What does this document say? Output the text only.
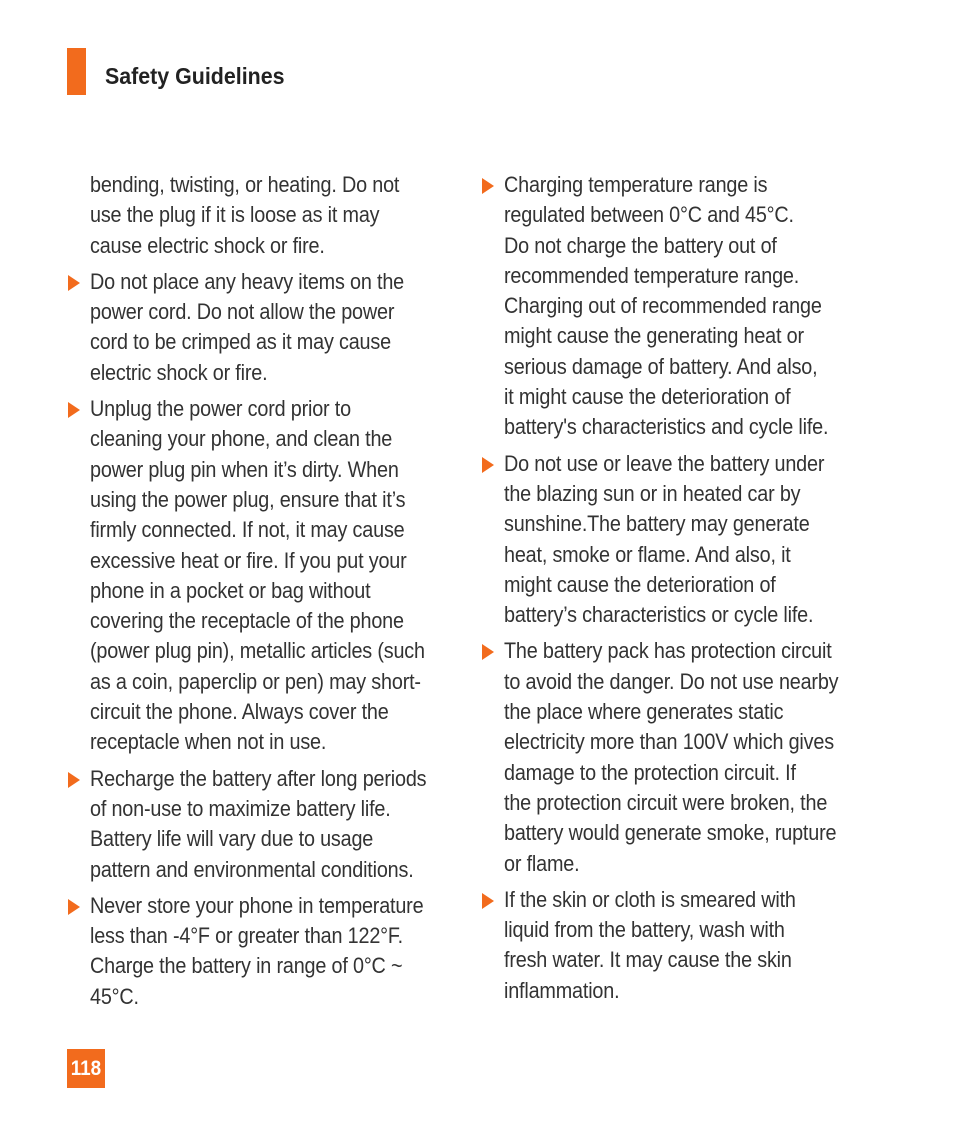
Safety Guidelines
bending, twisting, or heating. Do not
use the plug if it is loose as it may
cause electric shock or fire.
Do not place any heavy items on the
power cord. Do not allow the power
cord to be crimped as it may cause
electric shock or fire.
Unplug the power cord prior to
cleaning your phone, and clean the
power plug pin when it’s dirty. When
using the power plug, ensure that it’s
firmly connected. If not, it may cause
excessive heat or fire. If you put your
phone in a pocket or bag without
covering the receptacle of the phone
(power plug pin), metallic articles (such
as a coin, paperclip or pen) may short-
circuit the phone. Always cover the
receptacle when not in use.
Recharge the battery after long periods
of non-use to maximize battery life.
Battery life will vary due to usage
pattern and environmental conditions.
Never store your phone in temperature
less than -4°F or greater than 122°F.
Charge the battery in range of 0°C ~
45°C.
Charging temperature range is
regulated between 0°C and 45°C.
Do not charge the battery out of
recommended temperature range.
Charging out of recommended range
might cause the generating heat or
serious damage of battery. And also,
it might cause the deterioration of
battery's characteristics and cycle life.
Do not use or leave the battery under
the blazing sun or in heated car by
sunshine.The battery may generate
heat, smoke or flame. And also, it
might cause the deterioration of
battery’s characteristics or cycle life.
The battery pack has protection circuit
to avoid the danger. Do not use nearby
the place where generates static
electricity more than 100V which gives
damage to the protection circuit. If
the protection circuit were broken, the
battery would generate smoke, rupture
or flame.
If the skin or cloth is smeared with
liquid from the battery, wash with
fresh water. It may cause the skin
inflammation.
118
